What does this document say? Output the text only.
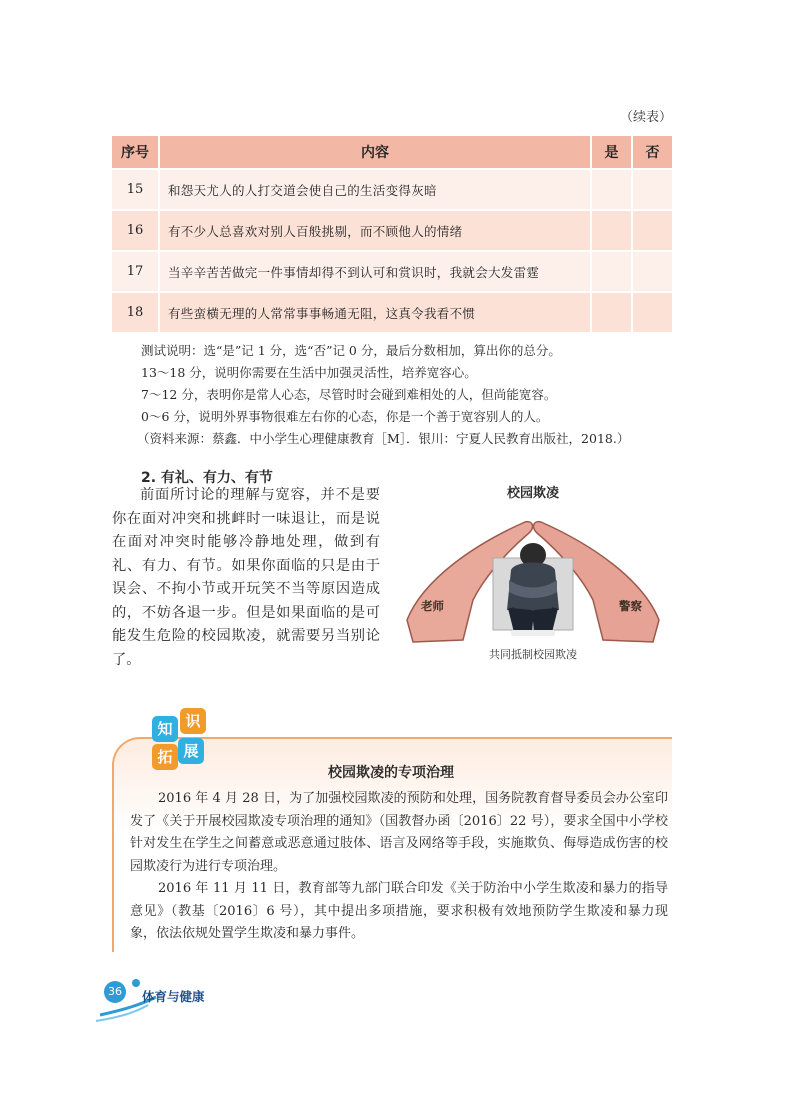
（续表）
序号	内容	是	否
15	和怨天尤人的人打交道会使自己的生活变得灰暗		
16	有不少人总喜欢对别人百般挑剔，而不顾他人的情绪		
17	当辛辛苦苦做完一件事情却得不到认可和赏识时，我就会大发雷霆		
18	有些蛮横无理的人常常事事畅通无阻，这真令我看不惯		
测试说明：选“是”记 1 分，选“否”记 0 分，最后分数相加，算出你的总分。
13～18 分，说明你需要在生活中加强灵活性，培养宽容心。
7～12 分，表明你是常人心态，尽管时时会碰到难相处的人，但尚能宽容。
0～6 分，说明外界事物很难左右你的心态，你是一个善于宽容别人的人。
（资料来源：蔡鑫．中小学生心理健康教育［M］．银川：宁夏人民教育出版社，2018.）
2. 有礼、有力、有节
前面所讨论的理解与宽容，并不是要你在面对冲突和挑衅时一味退让，而是说在面对冲突时能够冷静地处理，做到有礼、有力、有节。如果你面临的只是由于误会、不拘小节或开玩笑不当等原因造成的，不妨各退一步。但是如果面临的是可能发生危险的校园欺凌，就需要另当别论了。
校园欺凌
老师	警察
共同抵制校园欺凌
知 识
拓 展
校园欺凌的专项治理

2016 年 4 月 28 日，为了加强校园欺凌的预防和处理，国务院教育督导委员会办公室印发了《关于开展校园欺凌专项治理的通知》（国教督办函〔2016〕22 号），要求全国中小学校针对发生在学生之间蓄意或恶意通过肢体、语言及网络等手段，实施欺负、侮辱造成伤害的校园欺凌行为进行专项治理。

2016 年 11 月 11 日，教育部等九部门联合印发《关于防治中小学生欺凌和暴力的指导意见》（教基〔2016〕6 号），其中提出多项措施，要求积极有效地预防学生欺凌和暴力现象，依法依规处置学生欺凌和暴力事件。

36	体育与健康
